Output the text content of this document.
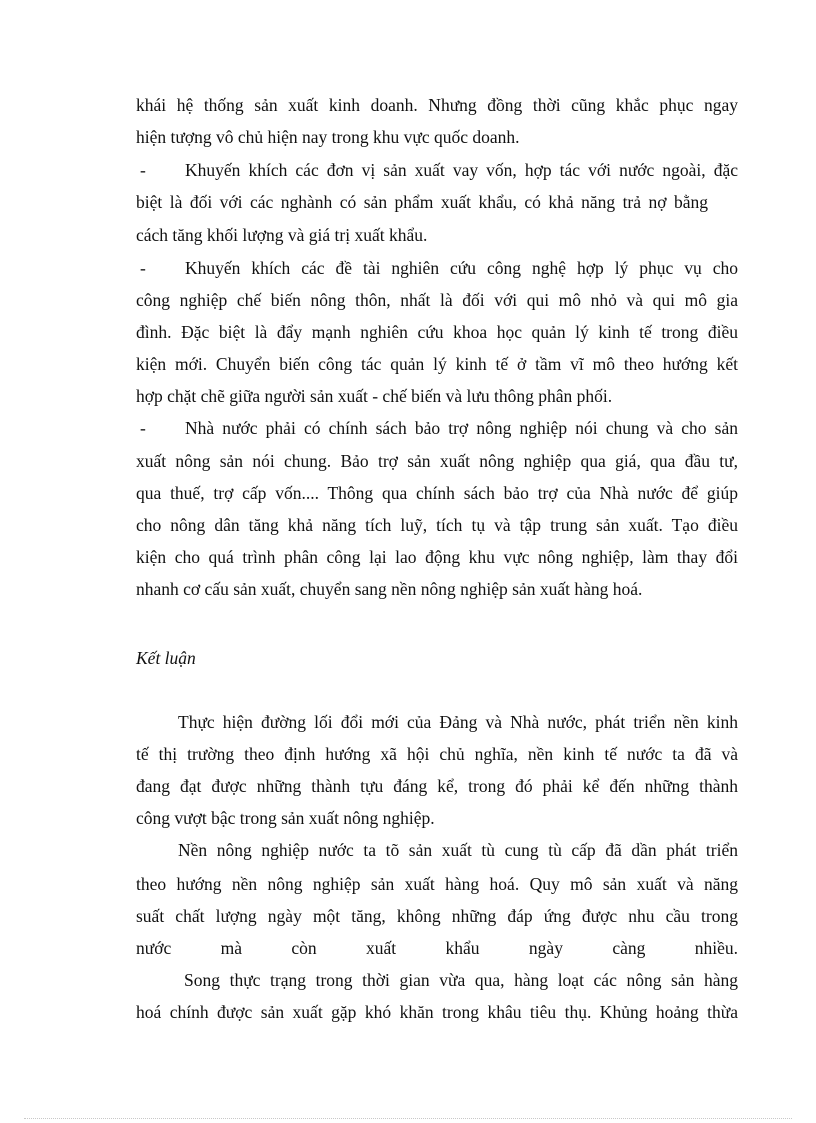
khái hệ thống sản xuất kinh doanh. Nhưng đồng thời cũng khắc phục ngay
hiện tượng vô chủ hiện nay trong khu vực quốc doanh.
-	Khuyến khích các đơn vị sản xuất vay vốn, hợp tác với nước ngoài, đặc
biệt là đối với các nghành có sản phẩm xuất khẩu, có khả năng trả nợ bằng
cách tăng khối lượng và giá trị xuất khẩu.
-	Khuyến khích các đề tài nghiên cứu công nghệ hợp lý phục vụ cho
công nghiệp chế biến nông thôn, nhất là đối với qui mô nhỏ và qui mô gia
đình. Đặc biệt là đẩy mạnh nghiên cứu khoa học quản lý kinh tế trong điều
kiện mới. Chuyển biến công tác quản lý kinh tế ở tầm vĩ mô theo hướng kết
hợp chặt chẽ giữa người sản xuất - chế biến và lưu thông phân phối.
-	Nhà nước phải có chính sách bảo trợ nông nghiệp nói chung và cho sản
xuất nông sản nói chung. Bảo trợ sản xuất nông nghiệp qua giá, qua đầu tư,
qua thuế, trợ cấp vốn.... Thông qua chính sách bảo trợ của Nhà nước để giúp
cho nông dân tăng khả năng tích luỹ, tích tụ và tập trung sản xuất. Tạo điều
kiện cho quá trình phân công lại lao động khu vực nông nghiệp, làm thay đổi
nhanh cơ cấu sản xuất, chuyển sang nền nông nghiệp sản xuất hàng hoá.
Kết luận
Thực hiện đường lối đổi mới của Đảng và Nhà nước, phát triển nền kinh
tế thị trường theo định hướng xã hội chủ nghĩa, nền kinh tế nước ta đã và
đang đạt được những thành tựu đáng kể, trong đó phải kể đến những thành
công vượt bậc trong sản xuất nông nghiệp.
Nền nông nghiệp nước ta tõ sản xuất tù cung tù cấp đã dần phát triển
theo hướng nền nông nghiệp sản xuất hàng hoá. Quy mô sản xuất và năng
suất chất lượng ngày một tăng, không những đáp ứng được nhu cầu trong
nước mà còn xuất khẩu ngày càng nhiều.
Song thực trạng trong thời gian vừa qua, hàng loạt các nông sản hàng
hoá chính được sản xuất gặp khó khăn trong khâu tiêu thụ. Khủng hoảng thừa
